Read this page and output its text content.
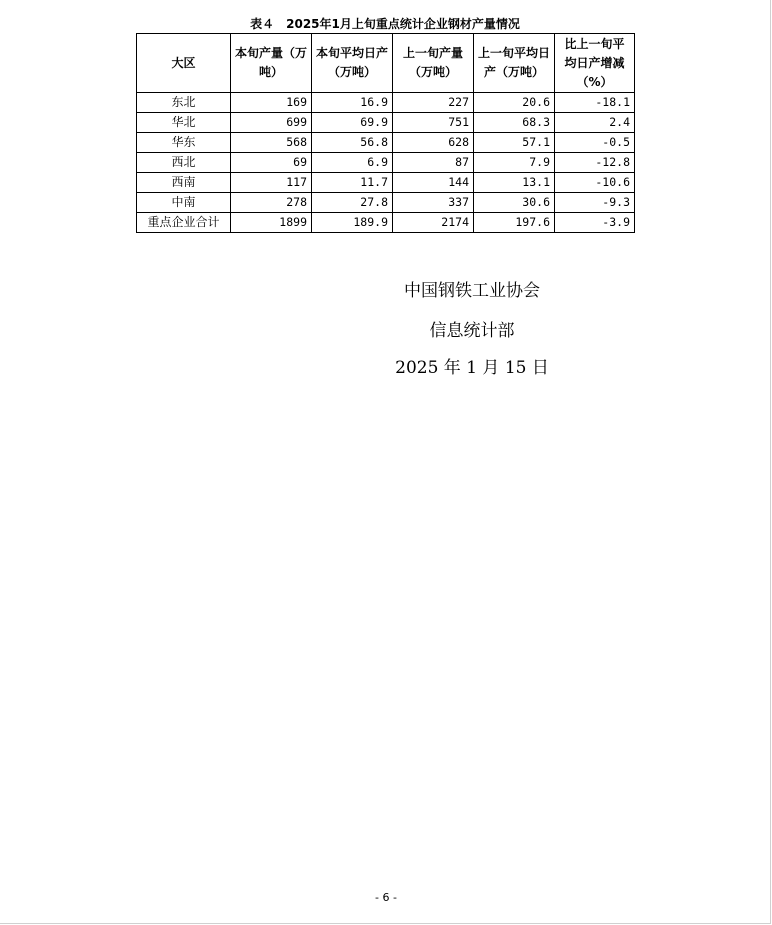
表４　2025年1月上旬重点统计企业钢材产量情况
大区	本旬产量（万吨）	本旬平均日产（万吨）	上一旬产量（万吨）	上一旬平均日产（万吨）	比上一旬平均日产增减（%）
东北	169	16.9	227	20.6	-18.1
华北	699	69.9	751	68.3	2.4
华东	568	56.8	628	57.1	-0.5
西北	69	6.9	87	7.9	-12.8
西南	117	11.7	144	13.1	-10.6
中南	278	27.8	337	30.6	-9.3
重点企业合计	1899	189.9	2174	197.6	-3.9
中国钢铁工业协会
信息统计部
2025 年 1 月 15 日
- 6 -
